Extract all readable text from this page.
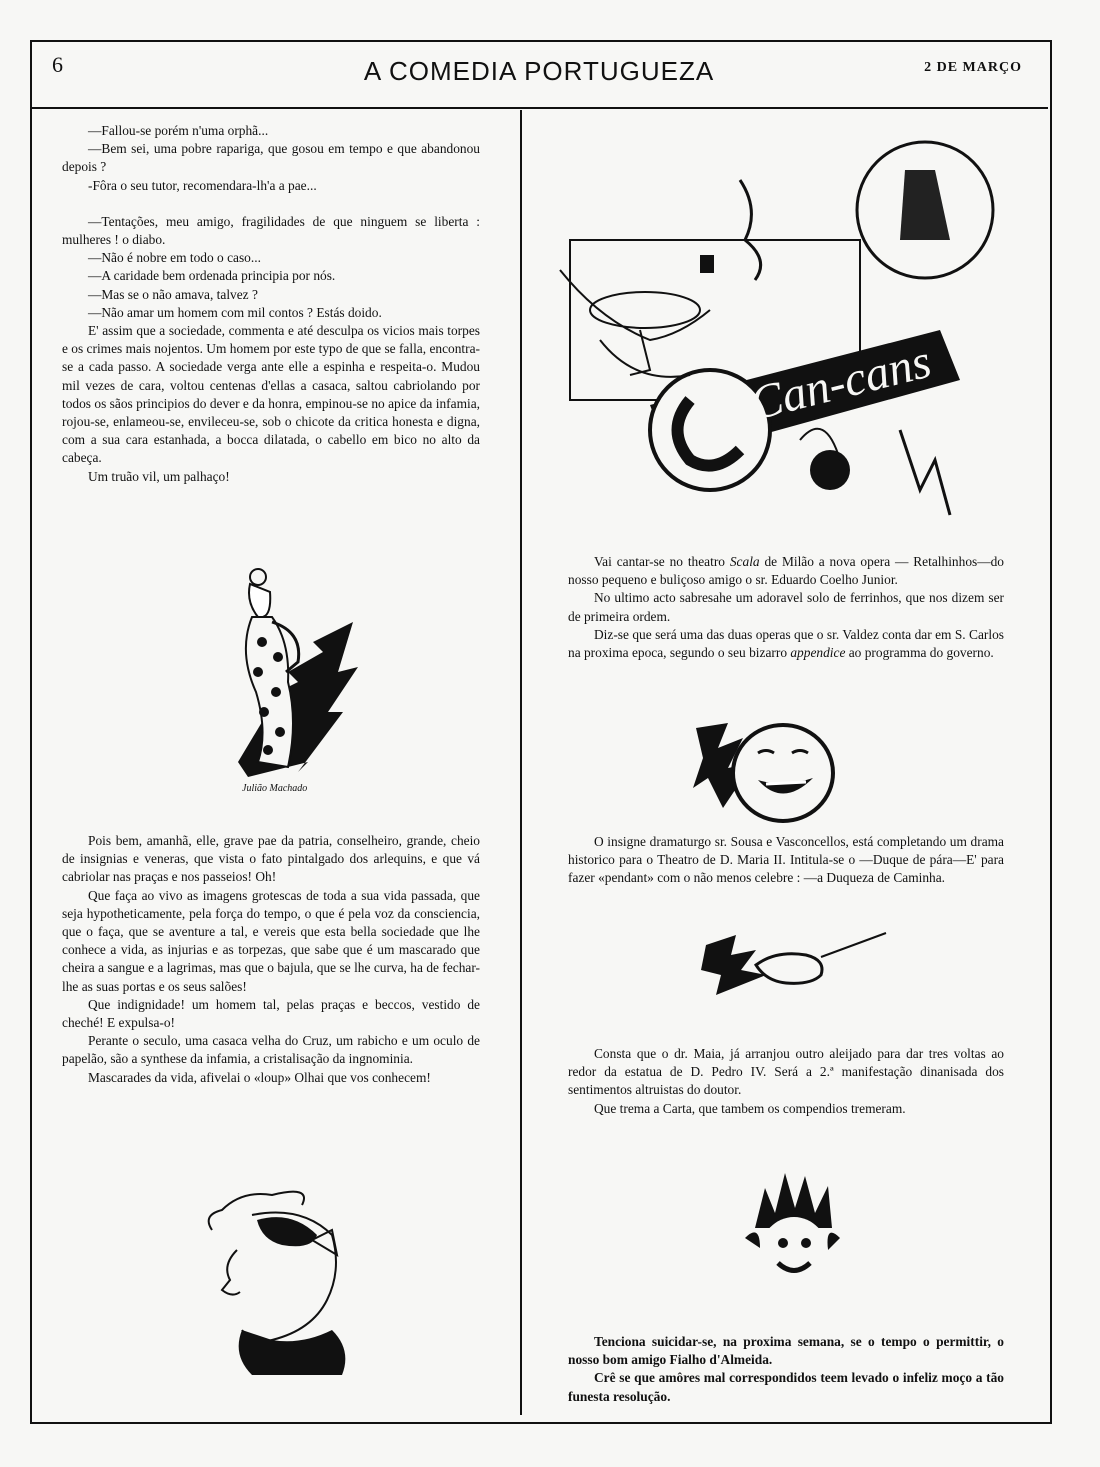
6	A COMEDIA PORTUGUEZA	2 DE MARÇO

—Fallou-se porém n'uma orphã...

—Bem sei, uma pobre rapariga, que gosou em tempo e que abandonou depois ?

-Fôra o seu tutor, recomendara-lh'a a pae...

—Tentações, meu amigo, fragilidades de que ninguem se liberta : mulheres ! o diabo.

—Não é nobre em todo o caso...

—A caridade bem ordenada principia por nós.

—Mas se o não amava, talvez ?

—Não amar um homem com mil contos ? Estás doido.

E' assim que a sociedade, commenta e até desculpa os vicios mais torpes e os crimes mais nojentos. Um homem por este typo de que se falla, encontra-se a cada passo. A sociedade verga ante elle a espinha e respeita-o. Mudou mil vezes de cara, voltou centenas d'ellas a casaca, saltou cabriolando por todos os sãos principios do dever e da honra, empinou-se no apice da infamia, rojou-se, enlameou-se, envileceu-se, sob o chicote da critica honesta e digna, com a sua cara estanhada, a bocca dilatada, o cabello em bico no alto da cabeça.

Um truão vil, um palhaço!

Julião Machado

Pois bem, amanhã, elle, grave pae da patria, conselheiro, grande, cheio de insignias e veneras, que vista o fato pintalgado dos arlequins, e que vá cabriolar nas praças e nos passeios! Oh!

Que faça ao vivo as imagens grotescas de toda a sua vida passada, que seja hypotheticamente, pela força do tempo, o que é pela voz da consciencia, que o faça, que se aventure a tal, e vereis que esta bella sociedade que lhe conhece a vida, as injurias e as torpezas, que sabe que é um mascarado que cheira a sangue e a lagrimas, mas que o bajula, que se lhe curva, ha de fechar-lhe as suas portas e os seus salões!

Que indignidade! um homem tal, pelas praças e beccos, vestido de cheché! E expulsa-o!

Perante o seculo, uma casaca velha do Cruz, um rabicho e um oculo de papelão, são a synthese da infamia, a cristalisação da ingnominia.

Mascarades da vida, afivelai o «loup» Olhai que vos conhecem!

Can-cans

Vai cantar-se no theatro Scala de Milão a nova opera — Retalhinhos—do nosso pequeno e buliçoso amigo o sr. Eduardo Coelho Junior.

No ultimo acto sabresahe um adoravel solo de ferrinhos, que nos dizem ser de primeira ordem.

Diz-se que será uma das duas operas que o sr. Valdez conta dar em S. Carlos na proxima epoca, segundo o seu bizarro appendice ao programma do governo.

O insigne dramaturgo sr. Sousa e Vasconcellos, está completando um drama historico para o Theatro de D. Maria II. Intitula-se o —Duque de pára—E' para fazer «pendant» com o não menos celebre : —a Duqueza de Caminha.

Consta que o dr. Maia, já arranjou outro aleijado para dar tres voltas ao redor da estatua de D. Pedro IV. Será a 2.ª manifestação dinanisada dos sentimentos altruistas do doutor.

Que trema a Carta, que tambem os compendios tremeram.

Tenciona suicidar-se, na proxima semana, se o tempo o permittir, o nosso bom amigo Fialho d'Almeida.

Crê se que amôres mal correspondidos teem levado o infeliz moço a tão funesta resolução.
